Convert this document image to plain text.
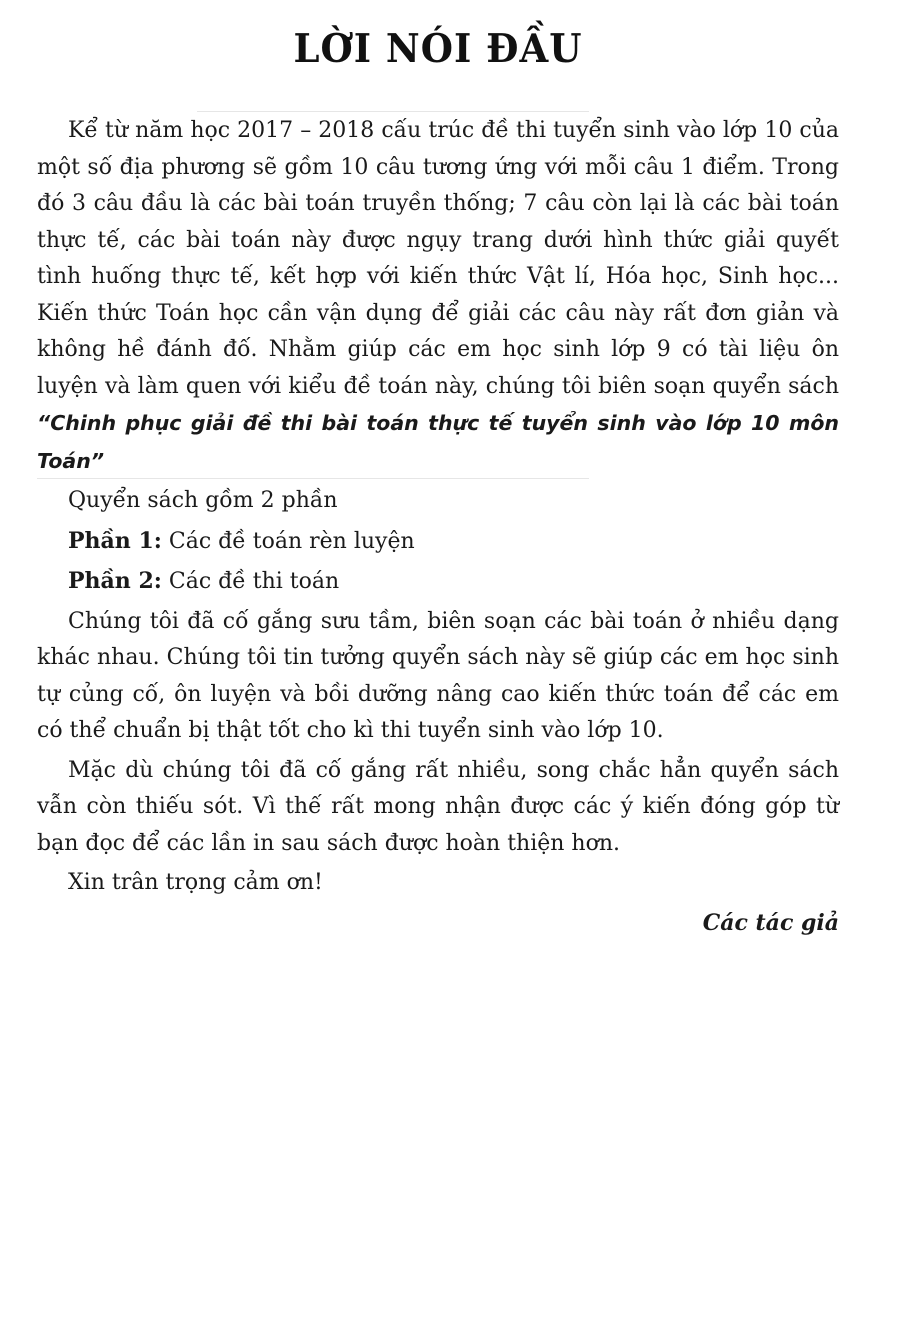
LỜI NÓI ĐẦU

Kể từ năm học 2017 – 2018 cấu trúc đề thi tuyển sinh vào lớp 10 của một số địa phương sẽ gồm 10 câu tương ứng với mỗi câu 1 điểm. Trong đó 3 câu đầu là các bài toán truyền thống; 7 câu còn lại là các bài toán thực tế, các bài toán này được ngụy trang dưới hình thức giải quyết tình huống thực tế, kết hợp với kiến thức Vật lí, Hóa học, Sinh học... Kiến thức Toán học cần vận dụng để giải các câu này rất đơn giản và không hề đánh đố. Nhằm giúp các em học sinh lớp 9 có tài liệu ôn luyện và làm quen với kiểu đề toán này, chúng tôi biên soạn quyển sách “Chinh phục giải đề thi bài toán thực tế tuyển sinh vào lớp 10 môn Toán”

Quyển sách gồm 2 phần

Phần 1: Các đề toán rèn luyện

Phần 2: Các đề thi toán

Chúng tôi đã cố gắng sưu tầm, biên soạn các bài toán ở nhiều dạng khác nhau. Chúng tôi tin tưởng quyển sách này sẽ giúp các em học sinh tự củng cố, ôn luyện và bồi dưỡng nâng cao kiến thức toán để các em có thể chuẩn bị thật tốt cho kì thi tuyển sinh vào lớp 10.

Mặc dù chúng tôi đã cố gắng rất nhiều, song chắc hẳn quyển sách vẫn còn thiếu sót. Vì thế rất mong nhận được các ý kiến đóng góp từ bạn đọc để các lần in sau sách được hoàn thiện hơn.

Xin trân trọng cảm ơn!

Các tác giả
